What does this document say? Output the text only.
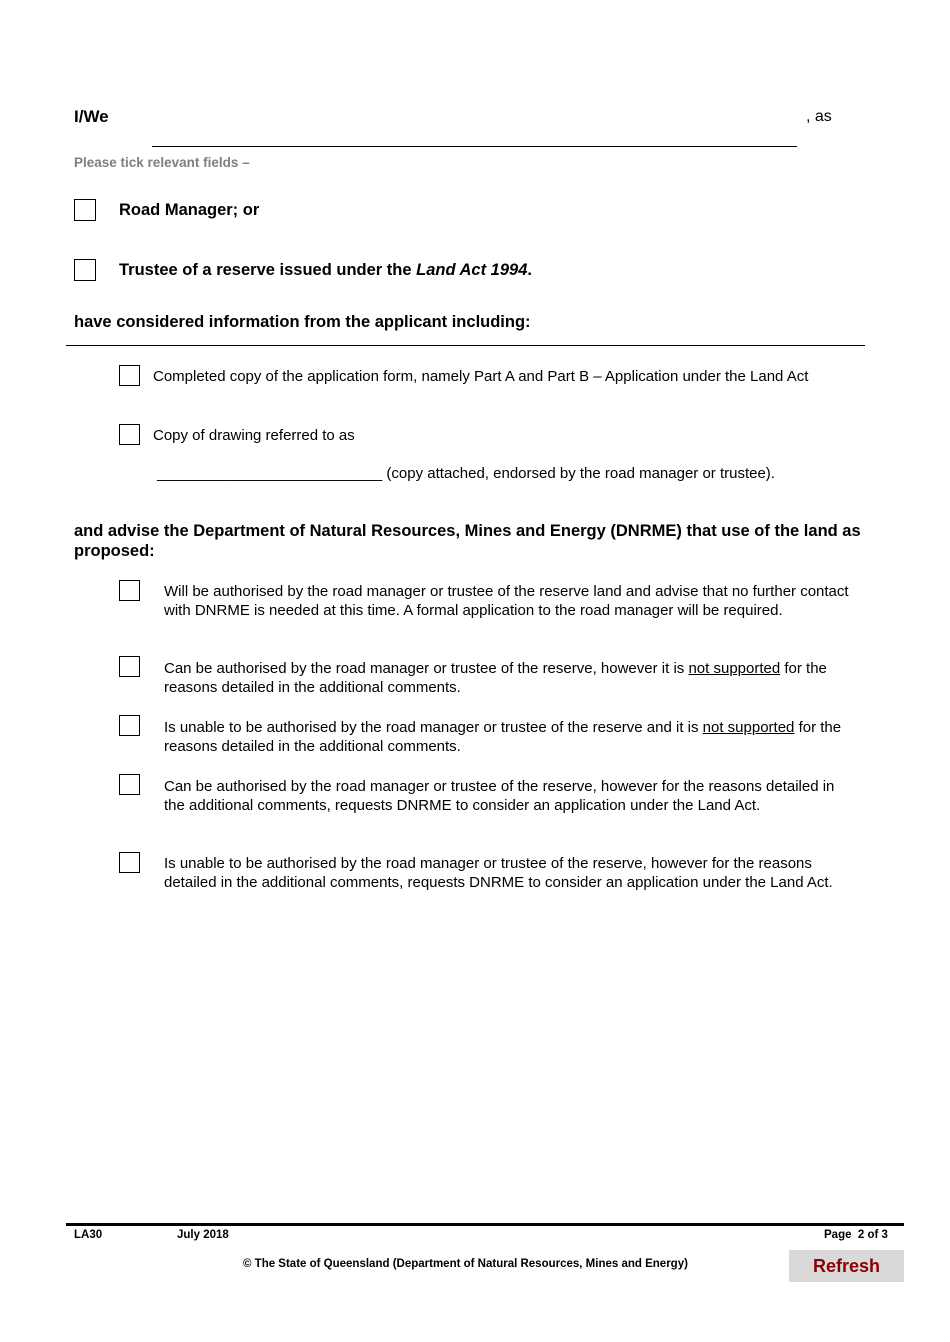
I/We	, as
Please tick relevant fields –
Road Manager; or
Trustee of a reserve issued under the Land Act 1994.
have considered information from the applicant including:
Completed copy of the application form, namely Part A and Part B – Application under the Land Act
Copy of drawing referred to as
___________________________ (copy attached, endorsed by the road manager or trustee).
and advise the Department of Natural Resources, Mines and Energy (DNRME) that use of the land as proposed:
Will be authorised by the road manager or trustee of the reserve land and advise that no further contact with DNRME is needed at this time. A formal application to the road manager will be required.
Can be authorised by the road manager or trustee of the reserve, however it is not supported for the reasons detailed in the additional comments.
Is unable to be authorised by the road manager or trustee of the reserve and it is not supported for the reasons detailed in the additional comments.
Can be authorised by the road manager or trustee of the reserve, however for the reasons detailed in the additional comments, requests DNRME to consider an application under the Land Act.
Is unable to be authorised by the road manager or trustee of the reserve, however for the reasons detailed in the additional comments, requests DNRME to consider an application under the Land Act.
LA30	July 2018	Page  2 of 3
© The State of Queensland (Department of Natural Resources, Mines and Energy)	Refresh
